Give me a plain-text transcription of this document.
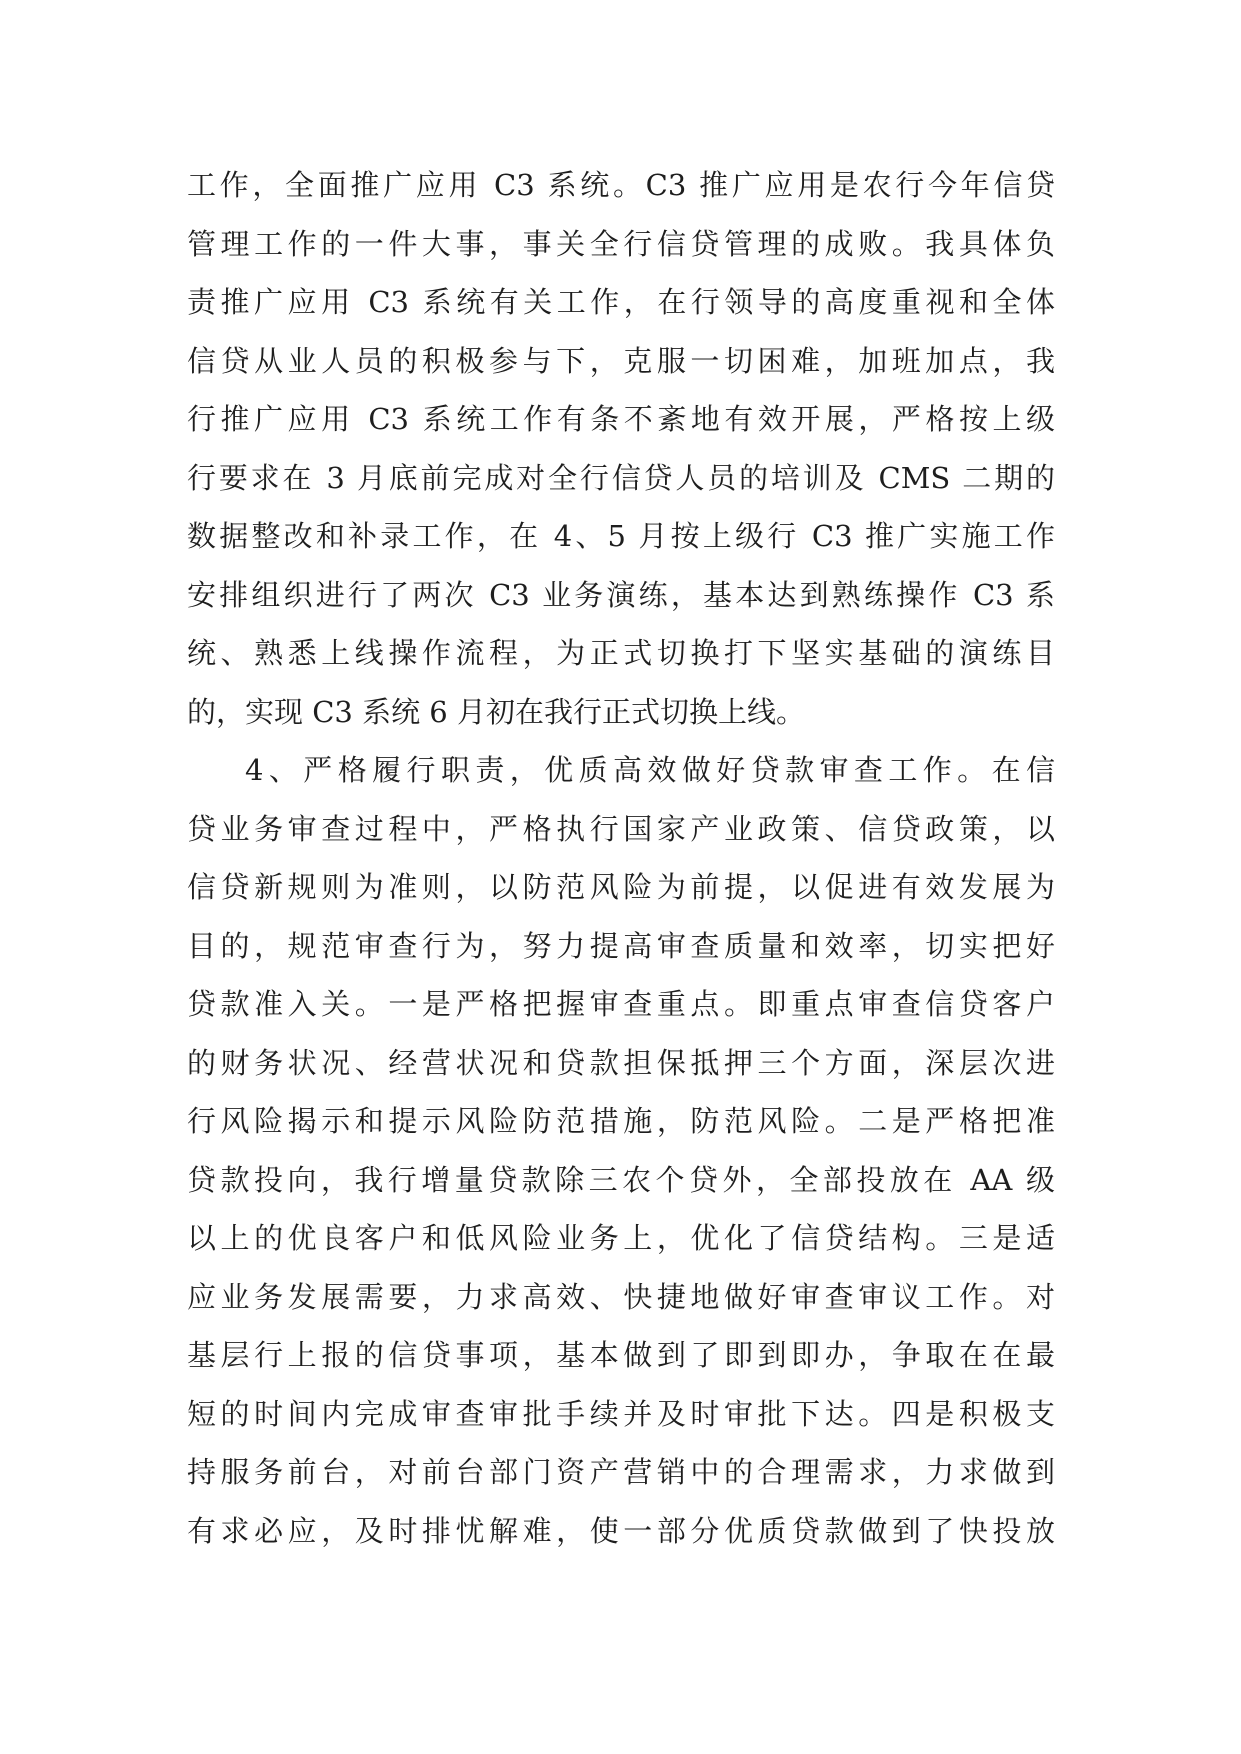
工作，全面推广应用 C3 系统。C3 推广应用是农行今年信贷
管理工作的一件大事，事关全行信贷管理的成败。我具体负
责推广应用 C3 系统有关工作，在行领导的高度重视和全体
信贷从业人员的积极参与下，克服一切困难，加班加点，我
行推广应用 C3 系统工作有条不紊地有效开展，严格按上级
行要求在 3 月底前完成对全行信贷人员的培训及 CMS 二期的
数据整改和补录工作，在 4、5 月按上级行 C3 推广实施工作
安排组织进行了两次 C3 业务演练，基本达到熟练操作 C3 系
统、熟悉上线操作流程，为正式切换打下坚实基础的演练目
的，实现 C3 系统 6 月初在我行正式切换上线。
4、严格履行职责，优质高效做好贷款审查工作。在信
贷业务审查过程中，严格执行国家产业政策、信贷政策，以
信贷新规则为准则，以防范风险为前提，以促进有效发展为
目的，规范审查行为，努力提高审查质量和效率，切实把好
贷款准入关。一是严格把握审查重点。即重点审查信贷客户
的财务状况、经营状况和贷款担保抵押三个方面，深层次进
行风险揭示和提示风险防范措施，防范风险。二是严格把准
贷款投向，我行增量贷款除三农个贷外，全部投放在 AA 级
以上的优良客户和低风险业务上，优化了信贷结构。三是适
应业务发展需要，力求高效、快捷地做好审查审议工作。对
基层行上报的信贷事项，基本做到了即到即办，争取在在最
短的时间内完成审查审批手续并及时审批下达。四是积极支
持服务前台，对前台部门资产营销中的合理需求，力求做到
有求必应，及时排忧解难，使一部分优质贷款做到了快投放
